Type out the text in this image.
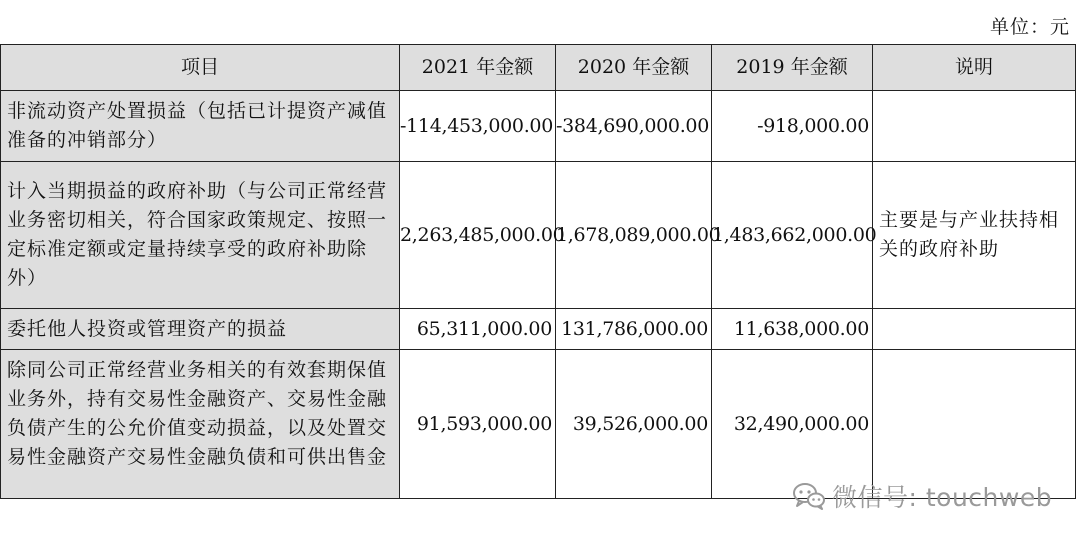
单位：元
项目	2021 年金额	2020 年金额	2019 年金额	说明
非流动资产处置损益（包括已计提资产减值准备的冲销部分）	-114,453,000.00	-384,690,000.00	-918,000.00	
计入当期损益的政府补助（与公司正常经营业务密切相关，符合国家政策规定、按照一定标准定额或定量持续享受的政府补助除外）	2,263,485,000.00	1,678,089,000.00	1,483,662,000.00	主要是与产业扶持相关的政府补助
委托他人投资或管理资产的损益	65,311,000.00	131,786,000.00	11,638,000.00	
除同公司正常经营业务相关的有效套期保值业务外，持有交易性金融资产、交易性金融负债产生的公允价值变动损益，以及处置交易性金融资产交易性金融负债和可供出售金	91,593,000.00	39,526,000.00	32,490,000.00	
微信号: touchweb
